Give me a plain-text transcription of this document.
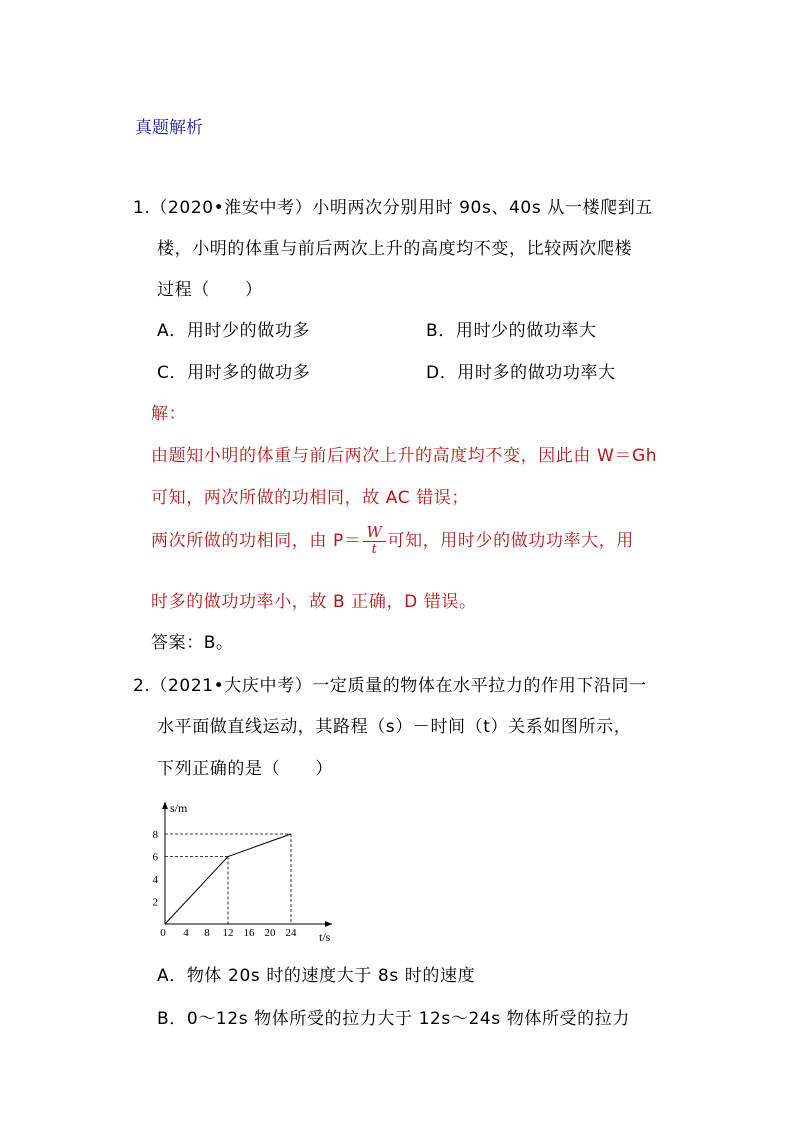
真题解析
1.（2020•淮安中考）小明两次分别用时 90s、40s 从一楼爬到五
楼，小明的体重与前后两次上升的高度均不变，比较两次爬楼
过程（　　）
A．用时少的做功多	B．用时少的做功率大
C．用时多的做功多	D．用时多的做功功率大
解：
由题知小明的体重与前后两次上升的高度均不变，因此由 W＝Gh
可知，两次所做的功相同，故 AC 错误；
两次所做的功相同，由 $P= \frac{W}{t}$ 可知，用时少的做功功率大，用
时多的做功功率小，故 B 正确，D 错误。
答案：B。
2.（2021•大庆中考）一定质量的物体在水平拉力的作用下沿同一
水平面做直线运动，其路程（s）－时间（t）关系如图所示，
下列正确的是（　　）
s/m
t/s
0 4 8 12 16 20 24
2
4
6
8
A．物体 20s 时的速度大于 8s 时的速度
B．0～12s 物体所受的拉力大于 12s～24s 物体所受的拉力
